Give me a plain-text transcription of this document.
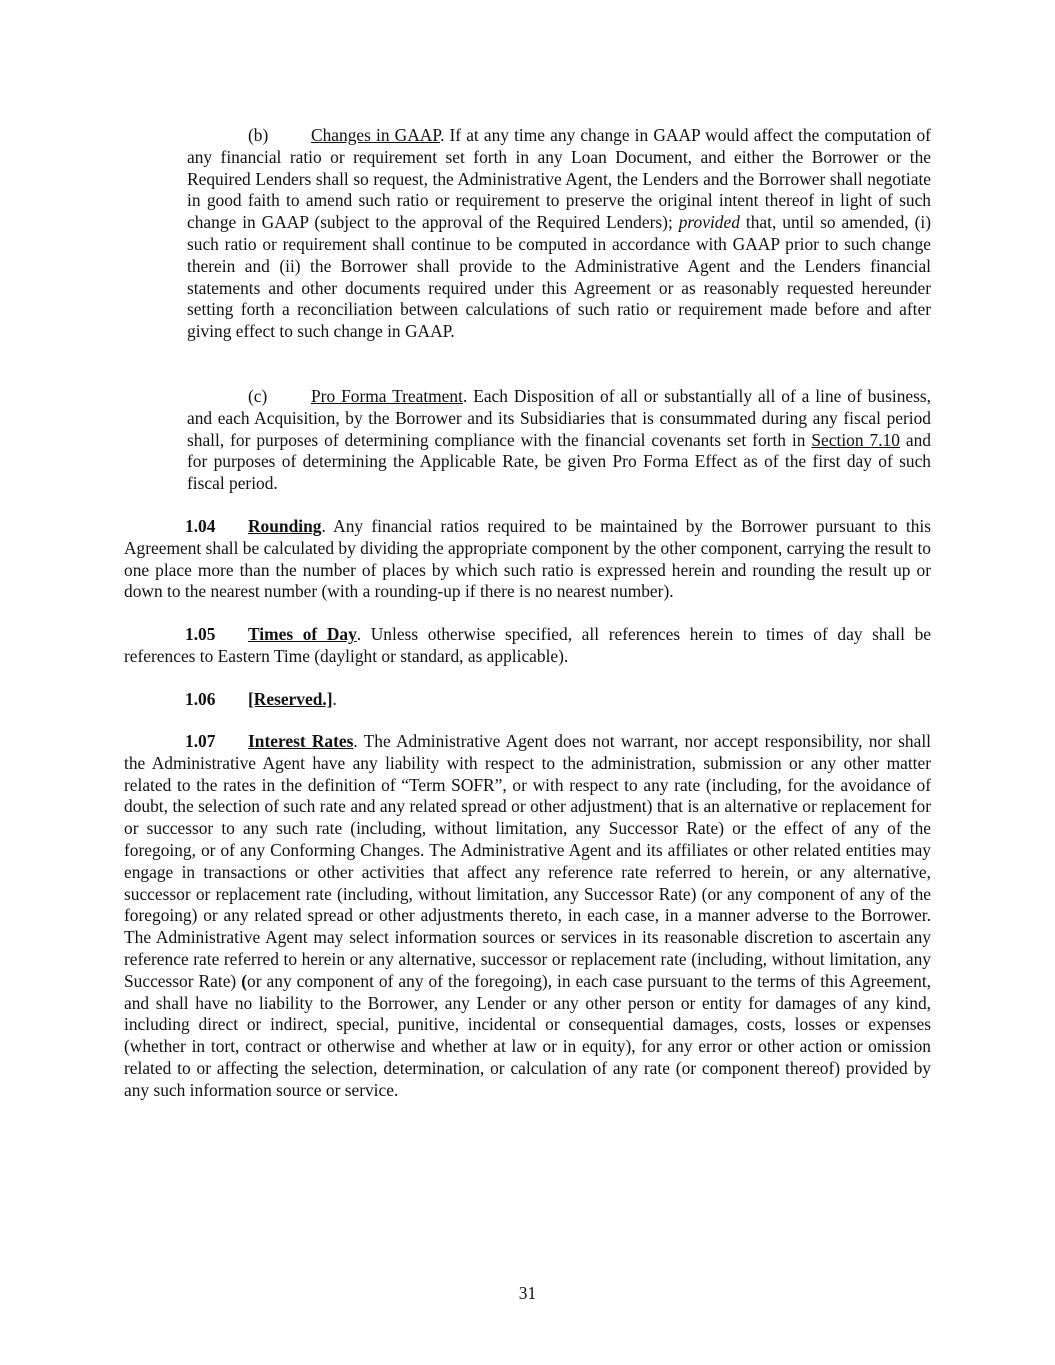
(b) Changes in GAAP. If at any time any change in GAAP would affect the computation of any financial ratio or requirement set forth in any Loan Document, and either the Borrower or the Required Lenders shall so request, the Administrative Agent, the Lenders and the Borrower shall negotiate in good faith to amend such ratio or requirement to preserve the original intent thereof in light of such change in GAAP (subject to the approval of the Required Lenders); provided that, until so amended, (i) such ratio or requirement shall continue to be computed in accordance with GAAP prior to such change therein and (ii) the Borrower shall provide to the Administrative Agent and the Lenders financial statements and other documents required under this Agreement or as reasonably requested hereunder setting forth a reconciliation between calculations of such ratio or requirement made before and after giving effect to such change in GAAP.

(c)	Pro Forma Treatment. Each Disposition of all or substantially all of a line of business, and each Acquisition, by the Borrower and its Subsidiaries that is consummated during any fiscal period shall, for purposes of determining compliance with the financial covenants set forth in Section 7.10 and for purposes of determining the Applicable Rate, be given Pro Forma Effect as of the first day of such fiscal period.

1.04 Rounding. Any financial ratios required to be maintained by the Borrower pursuant to this Agreement shall be calculated by dividing the appropriate component by the other component, carrying the result to one place more than the number of places by which such ratio is expressed herein and rounding the result up or down to the nearest number (with a rounding-up if there is no nearest number).

1.05 Times of Day. Unless otherwise specified, all references herein to times of day shall be references to Eastern Time (daylight or standard, as applicable).

1.06 [Reserved.].

1.07 Interest Rates. The Administrative Agent does not warrant, nor accept responsibility, nor shall the Administrative Agent have any liability with respect to the administration, submission or any other matter related to the rates in the definition of “Term SOFR”, or with respect to any rate (including, for the avoidance of doubt, the selection of such rate and any related spread or other adjustment) that is an alternative or replacement for or successor to any such rate (including, without limitation, any Successor Rate) or the effect of any of the foregoing, or of any Conforming Changes. The Administrative Agent and its affiliates or other related entities may engage in transactions or other activities that affect any reference rate referred to herein, or any alternative, successor or replacement rate (including, without limitation, any Successor Rate) (or any component of any of the foregoing) or any related spread or other adjustments thereto, in each case, in a manner adverse to the Borrower. The Administrative Agent may select information sources or services in its reasonable discretion to ascertain any reference rate referred to herein or any alternative, successor or replacement rate (including, without limitation, any Successor Rate) (or any component of any of the foregoing), in each case pursuant to the terms of this Agreement, and shall have no liability to the Borrower, any Lender or any other person or entity for damages of any kind, including direct or indirect, special, punitive, incidental or consequential damages, costs, losses or expenses (whether in tort, contract or otherwise and whether at law or in equity), for any error or other action or omission related to or affecting the selection, determination, or calculation of any rate (or component thereof) provided by any such information source or service.

31
